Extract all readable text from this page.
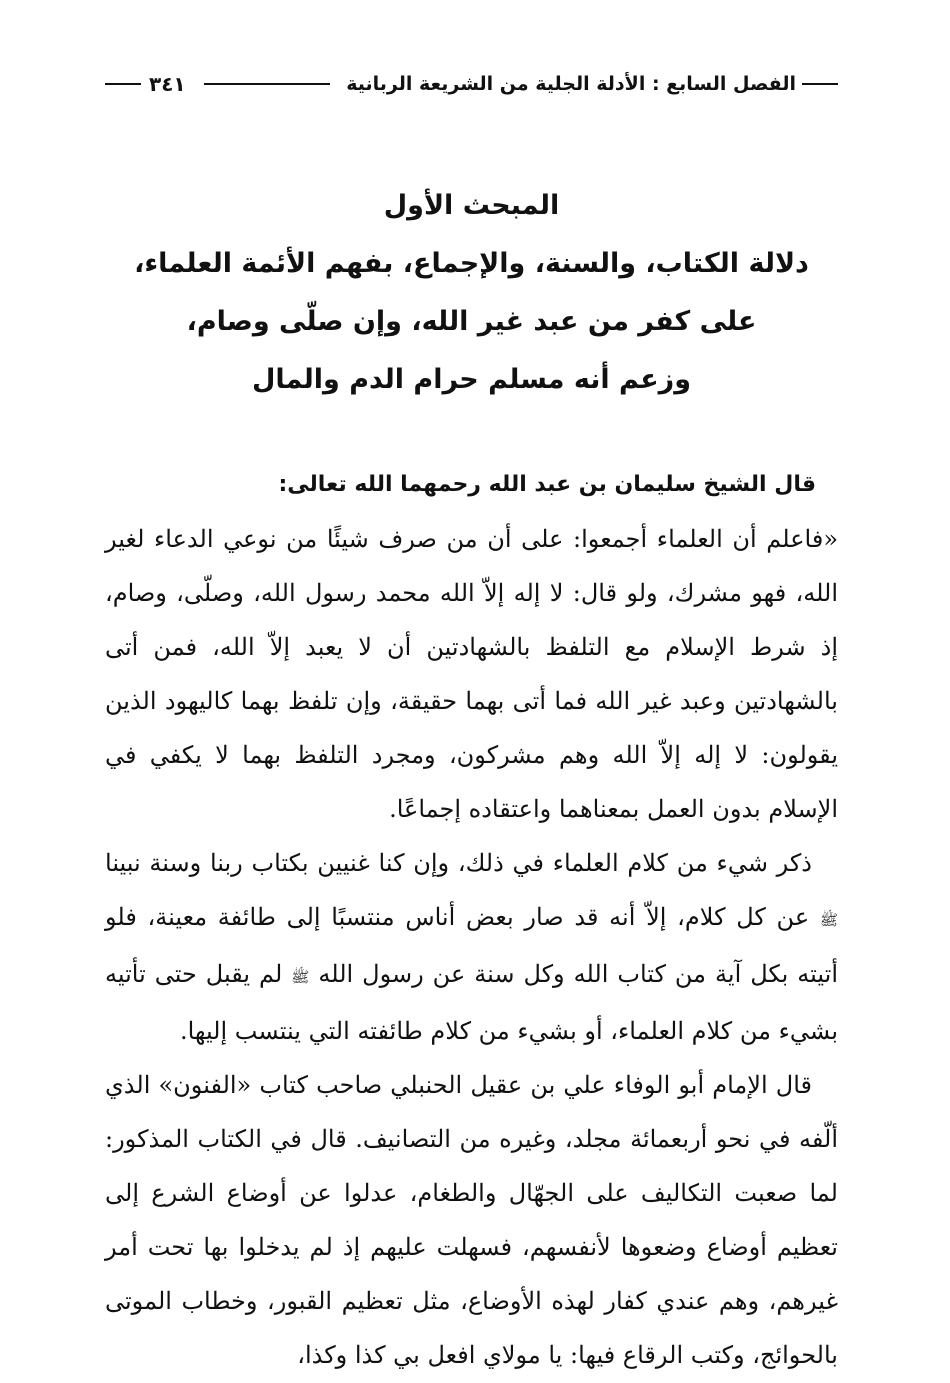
الفصل السابع : الأدلة الجلية من الشريعة الربانية
٣٤١
المبحث الأول
دلالة الكتاب، والسنة، والإجماع، بفهم الأئمة العلماء،
على كفر من عبد غير الله، وإن صلّى وصام،
وزعم أنه مسلم حرام الدم والمال

قال الشيخ سليمان بن عبد الله رحمهما الله تعالى:

«فاعلم أن العلماء أجمعوا: على أن من صرف شيئًا من نوعي الدعاء لغير الله، فهو مشرك، ولو قال: لا إله إلاّ الله محمد رسول الله، وصلّى، وصام، إذ شرط الإسلام مع التلفظ بالشهادتين أن لا يعبد إلاّ الله، فمن أتى بالشهادتين وعبد غير الله فما أتى بهما حقيقة، وإن تلفظ بهما كاليهود الذين يقولون: لا إله إلاّ الله وهم مشركون، ومجرد التلفظ بهما لا يكفي في الإسلام بدون العمل بمعناهما واعتقاده إجماعًا.

ذكر شيء من كلام العلماء في ذلك، وإن كنا غنيين بكتاب ربنا وسنة نبينا ﷺ عن كل كلام، إلاّ أنه قد صار بعض أناس منتسبًا إلى طائفة معينة، فلو أتيته بكل آية من كتاب الله وكل سنة عن رسول الله ﷺ لم يقبل حتى تأتيه بشيء من كلام العلماء، أو بشيء من كلام طائفته التي ينتسب إليها.

قال الإمام أبو الوفاء علي بن عقيل الحنبلي صاحب كتاب «الفنون» الذي ألّفه في نحو أربعمائة مجلد، وغيره من التصانيف. قال في الكتاب المذكور: لما صعبت التكاليف على الجهّال والطغام، عدلوا عن أوضاع الشرع إلى تعظيم أوضاع وضعوها لأنفسهم، فسهلت عليهم إذ لم يدخلوا بها تحت أمر غيرهم، وهم عندي كفار لهذه الأوضاع، مثل تعظيم القبور، وخطاب الموتى بالحوائج، وكتب الرقاع فيها: يا مولاي افعل بي كذا وكذا،
